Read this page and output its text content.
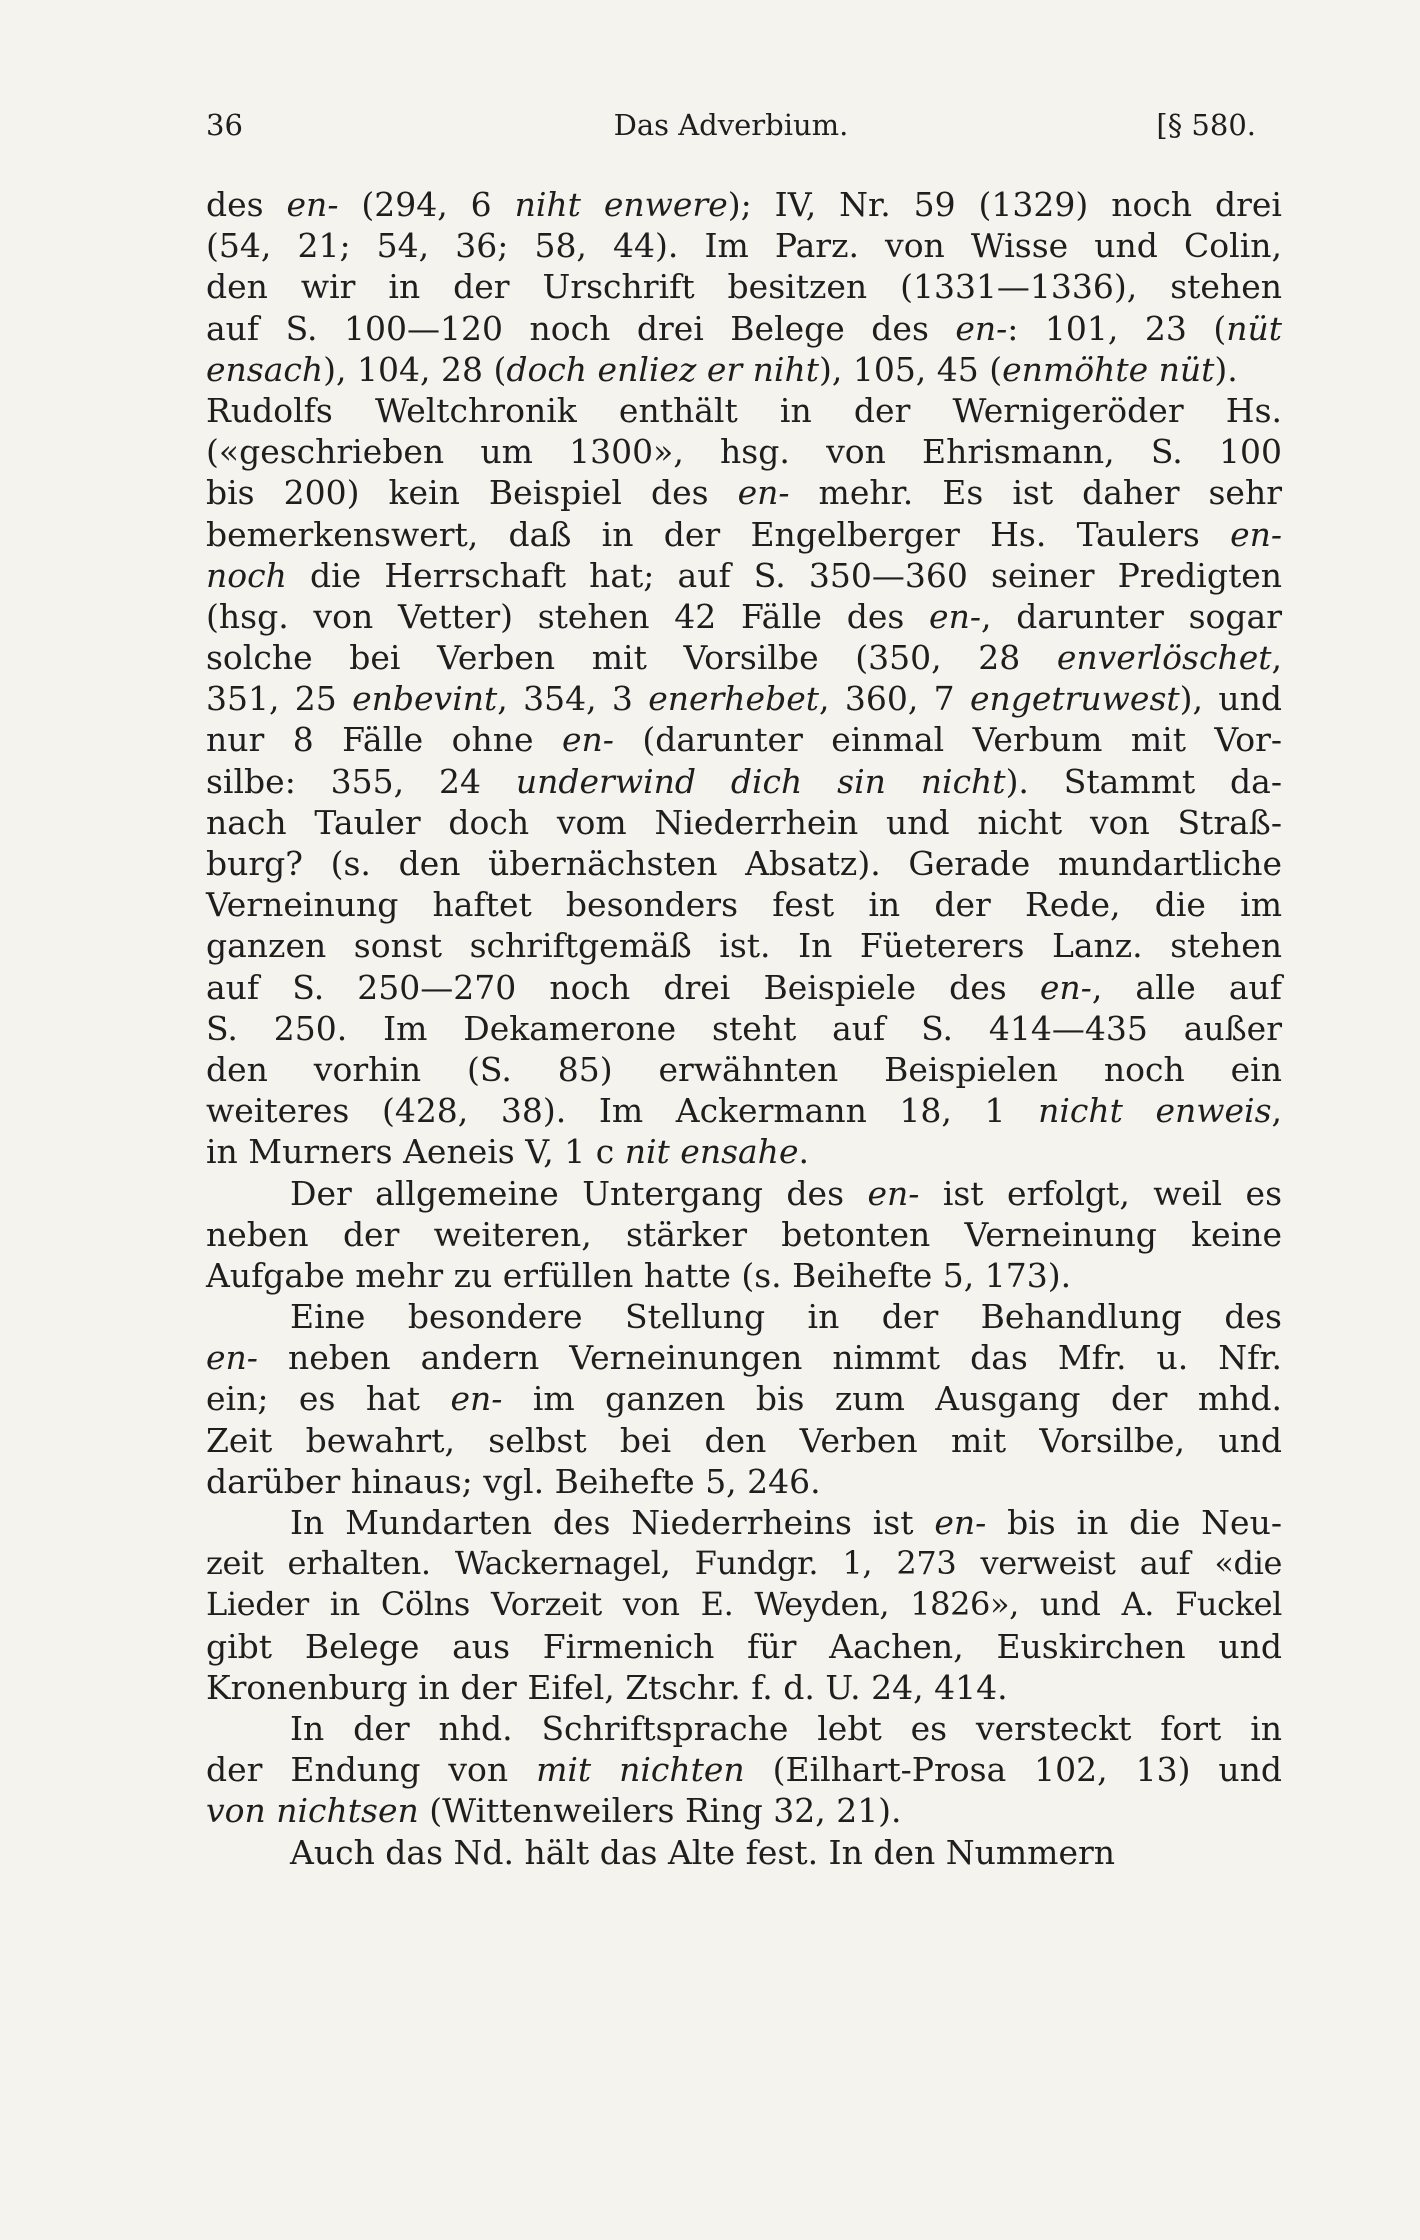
36	Das Adverbium.	[§ 580.
des en- (294, 6 niht enwere); IV, Nr. 59 (1329) noch drei
(54, 21; 54, 36; 58, 44). Im Parz. von Wisse und Colin,
den wir in der Urschrift besitzen (1331—1336), stehen
auf S. 100—120 noch drei Belege des en-: 101, 23 (nüt
ensach), 104, 28 (doch enliez er niht), 105, 45 (enmöhte nüt).
Rudolfs Weltchronik enthält in der Wernigeröder Hs.
(«geschrieben um 1300», hsg. von Ehrismann, S. 100
bis 200) kein Beispiel des en- mehr. Es ist daher sehr
bemerkenswert, daß in der Engelberger Hs. Taulers en-
noch die Herrschaft hat; auf S. 350—360 seiner Predigten
(hsg. von Vetter) stehen 42 Fälle des en-, darunter sogar
solche bei Verben mit Vorsilbe (350, 28 enverlöschet,
351, 25 enbevint, 354, 3 enerhebet, 360, 7 engetruwest), und
nur 8 Fälle ohne en- (darunter einmal Verbum mit Vor-
silbe: 355, 24 underwind dich sin nicht). Stammt da-
nach Tauler doch vom Niederrhein und nicht von Straß-
burg? (s. den übernächsten Absatz). Gerade mundartliche
Verneinung haftet besonders fest in der Rede, die im
ganzen sonst schriftgemäß ist. In Füeterers Lanz. stehen
auf S. 250—270 noch drei Beispiele des en-, alle auf
S. 250. Im Dekamerone steht auf S. 414—435 außer
den vorhin (S. 85) erwähnten Beispielen noch ein
weiteres (428, 38). Im Ackermann 18, 1 nicht enweis,
in Murners Aeneis V, 1 c nit ensahe.
Der allgemeine Untergang des en- ist erfolgt, weil es
neben der weiteren, stärker betonten Verneinung keine
Aufgabe mehr zu erfüllen hatte (s. Beihefte 5, 173).
Eine besondere Stellung in der Behandlung des
en- neben andern Verneinungen nimmt das Mfr. u. Nfr.
ein; es hat en- im ganzen bis zum Ausgang der mhd.
Zeit bewahrt, selbst bei den Verben mit Vorsilbe, und
darüber hinaus; vgl. Beihefte 5, 246.
In Mundarten des Niederrheins ist en- bis in die Neu-
zeit erhalten. Wackernagel, Fundgr. 1, 273 verweist auf «die
Lieder in Cölns Vorzeit von E. Weyden, 1826», und A. Fuckel
gibt Belege aus Firmenich für Aachen, Euskirchen und
Kronenburg in der Eifel, Ztschr. f. d. U. 24, 414.
In der nhd. Schriftsprache lebt es versteckt fort in
der Endung von mit nichten (Eilhart-Prosa 102, 13) und
von nichtsen (Wittenweilers Ring 32, 21).
Auch das Nd. hält das Alte fest. In den Nummern
